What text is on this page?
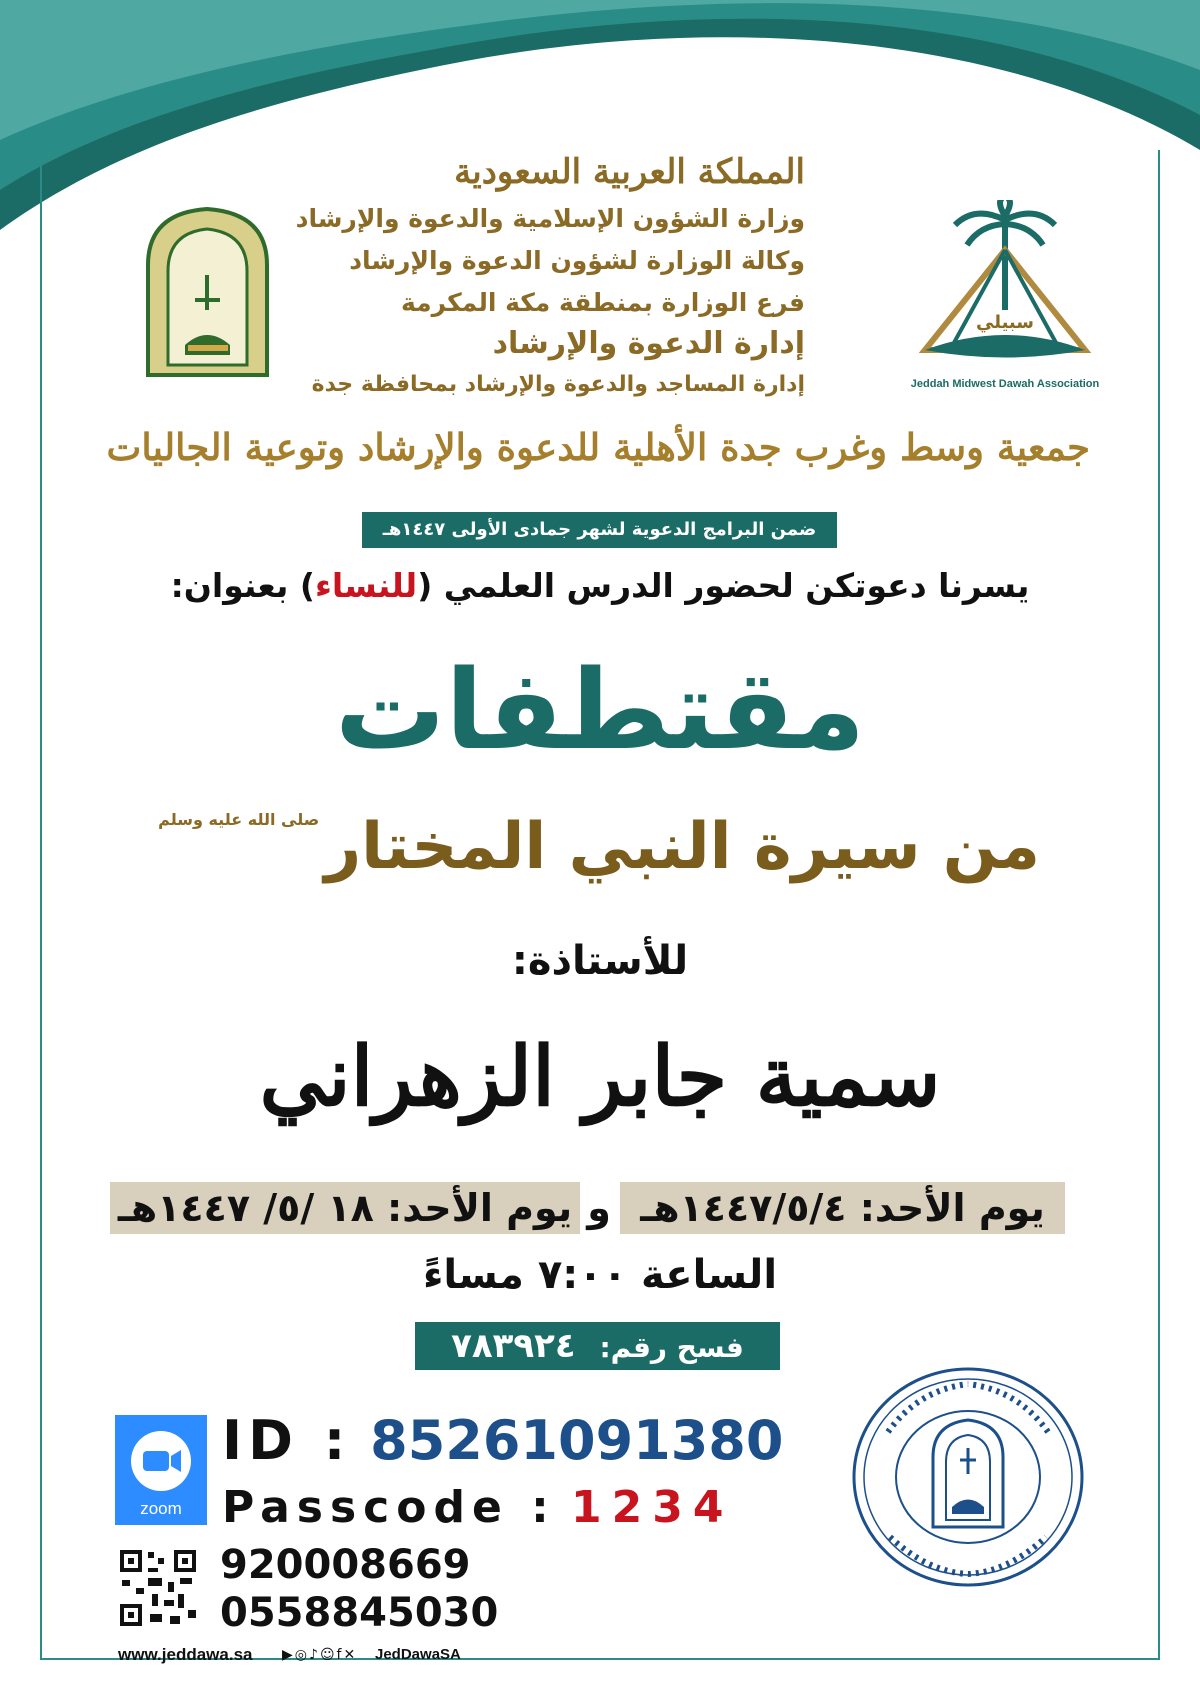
المملكة العربية السعودية
وزارة الشؤون الإسلامية والدعوة والإرشاد
وكالة الوزارة لشؤون الدعوة والإرشاد
فرع الوزارة بمنطقة مكة المكرمة
إدارة الدعوة والإرشاد
إدارة المساجد والدعوة والإرشاد بمحافظة جدة
سبيلي
Jeddah Midwest Dawah Association
جمعية وسط وغرب جدة الأهلية للدعوة والإرشاد وتوعية الجاليات
ضمن البرامج الدعوية لشهر جمادى الأولى ١٤٤٧هـ
يسرنا دعوتكن لحضور الدرس العلمي (للنساء) بعنوان:
مقتطفات
من سيرة النبي المختار صلى الله عليه وسلم
للأستاذة:
سمية جابر الزهراني
يوم الأحد: ١٤٤٧/٥/٤هـ
و
يوم الأحد: ١٨ /٥/ ١٤٤٧هـ
الساعة ٧:٠٠ مساءً
فسح رقم: ٧٨٣٩٢٤
zoom
ID : 85261091380
Passcode : 1234
920008669
0558845030
www.jeddawa.sa ▶◎♪☺f✕ JedDawaSA
